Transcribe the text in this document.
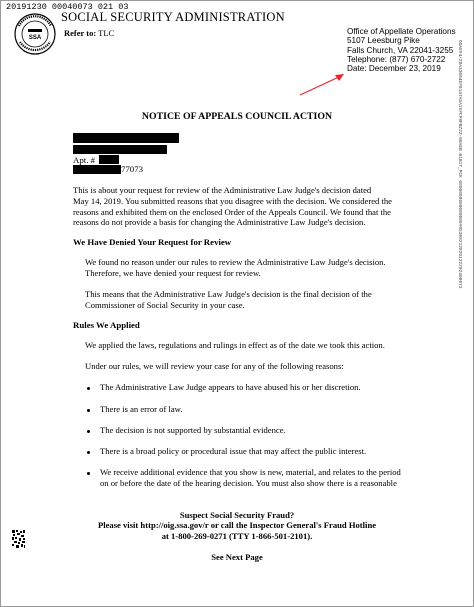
20191230 00040073 021 03
SSA
SOCIAL SECURITY ADMINISTRATION
Refer to: TLC	Office of Appellate Operations
5107 Leesburg Pike
Falls Church, VA 22041-3255
Telephone: (877) 670-2722
Date: December 23, 2019	0DAE#4/ZDA33004E#0147A5A1X#CP8FBZ2Z-08AEB.B1B1T_PCK 0000000000000000#05308212020122202400073
NOTICE OF APPEALS COUNCIL ACTION
Apt. #
77073
This is about your request for review of the Administrative Law Judge's decision dated
May 14, 2019. You submitted reasons that you disagree with the decision. We considered the
reasons and exhibited them on the enclosed Order of the Appeals Council. We found that the
reasons do not provide a basis for changing the Administrative Law Judge's decision.
We Have Denied Your Request for Review
We found no reason under our rules to review the Administrative Law Judge's decision.
Therefore, we have denied your request for review.
This means that the Administrative Law Judge's decision is the final decision of the
Commissioner of Social Security in your case.
Rules We Applied
We applied the laws, regulations and rulings in effect as of the date we took this action.
Under our rules, we will review your case for any of the following reasons:
The Administrative Law Judge appears to have abused his or her discretion.
There is an error of law.
The decision is not supported by substantial evidence.
There is a broad policy or procedural issue that may affect the public interest.
We receive additional evidence that you show is new, material, and relates to the period
on or before the date of the hearing decision. You must also show there is a reasonable
Suspect Social Security Fraud?
Please visit http://oig.ssa.gov/r or call the Inspector General's Fraud Hotline
at 1-800-269-0271 (TTY 1-866-501-2101).
See Next Page
